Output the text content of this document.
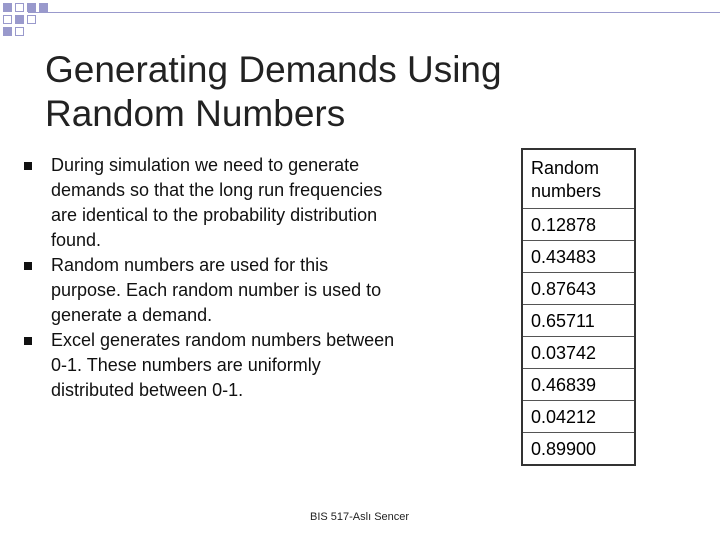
Generating Demands Using Random Numbers
During simulation we need to generate demands so that the long run frequencies are identical to the probability distribution found.
Random numbers are used for this purpose. Each random number is used to generate a demand.
Excel generates random numbers between 0-1. These numbers are uniformly distributed between 0-1.
Random numbers
0.12878
0.43483
0.87643
0.65711
0.03742
0.46839
0.04212
0.89900
BIS 517-Aslı Sencer
